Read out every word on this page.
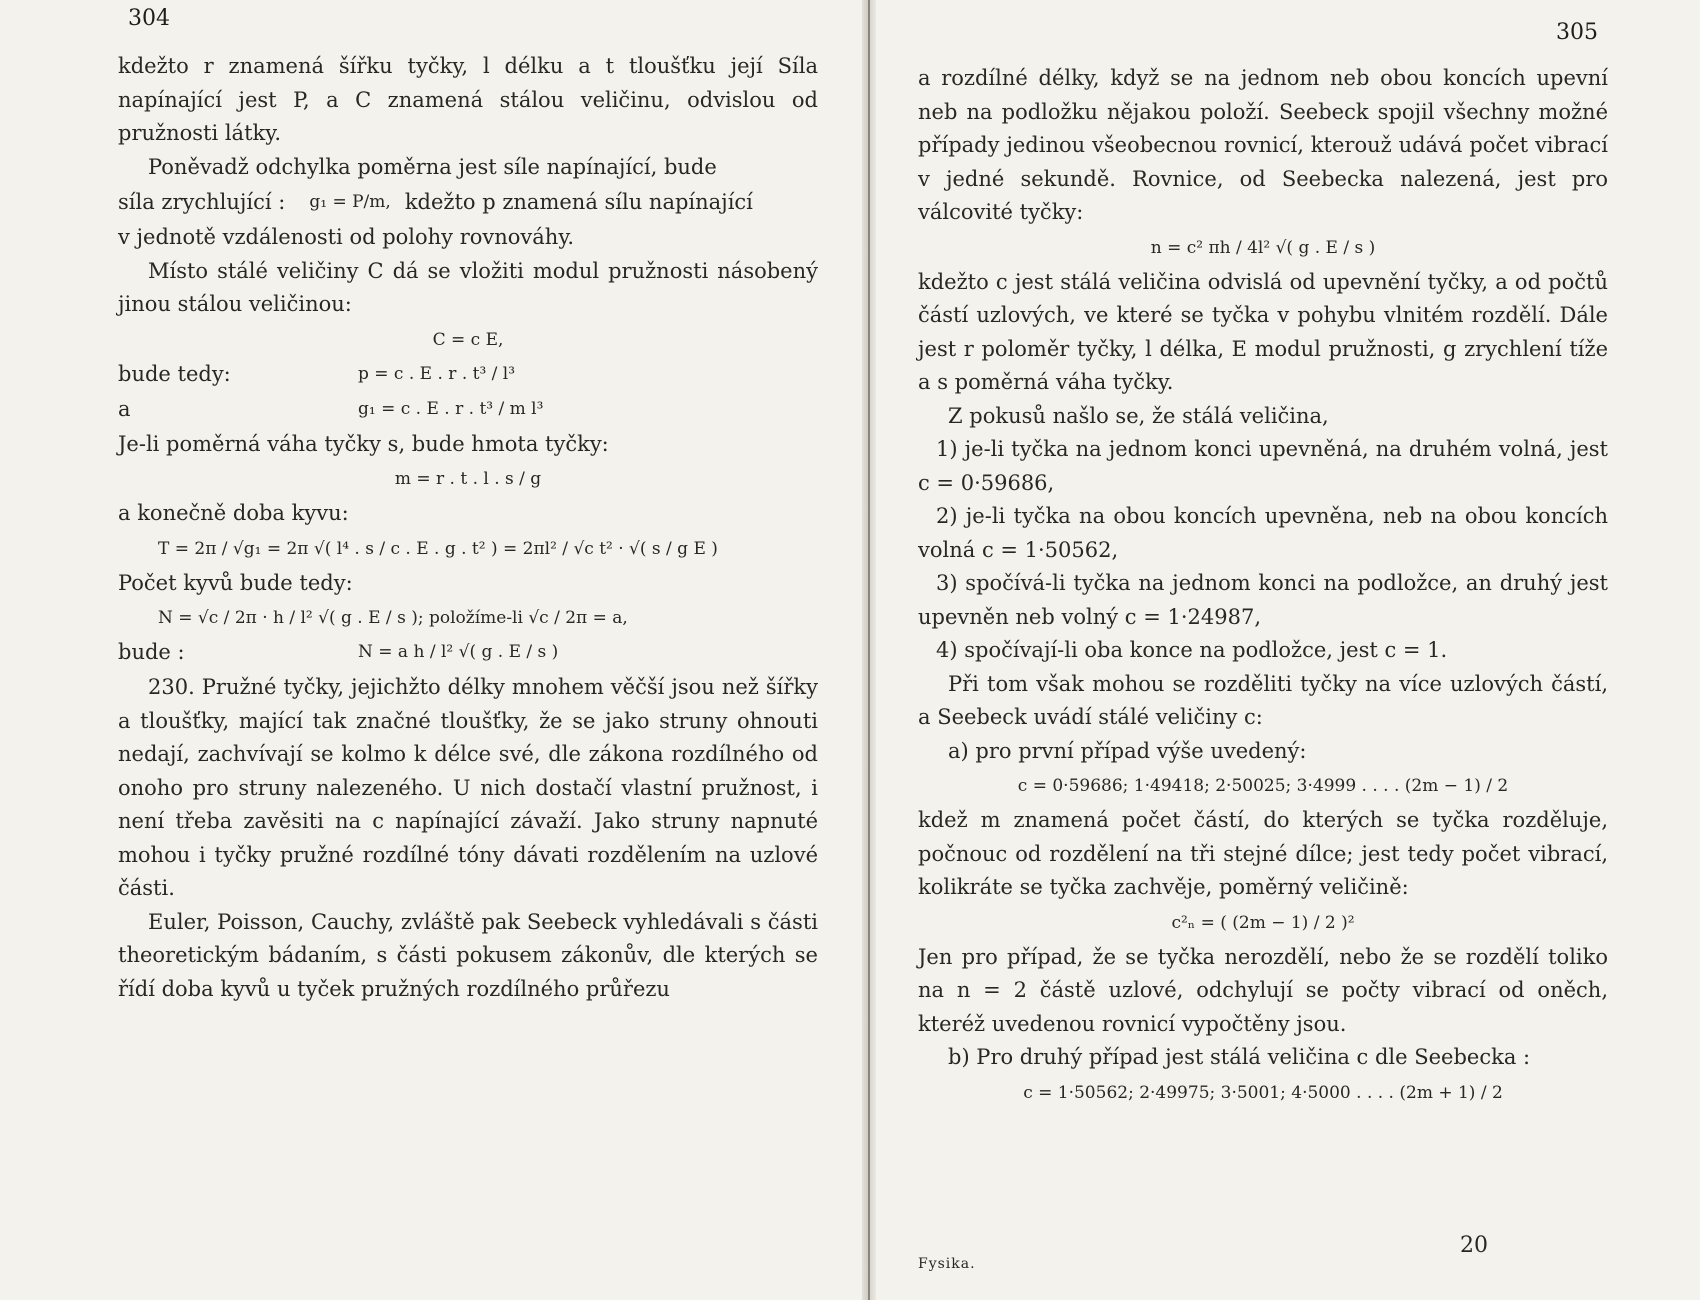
304

kdežto r znamená šířku tyčky, l délku a t tloušťku její Síla napínající jest P, a C znamená stálou veličinu, odvislou od pružnosti látky.

Poněvadž odchylka poměrna jest síle napínající, bude

síla zrychlující :	g₁ = P/m, kdežto p znamená sílu napínající

v jednotě vzdálenosti od polohy rovnováhy.

Místo stálé veličiny C dá se vložiti modul pružnosti násobený jinou stálou veličinou:

C = c E,
bude tedy:	p = c . E . r . t³ / l³
a	g₁ = c . E . r . t³ / m l³

Je-li poměrná váha tyčky s, bude hmota tyčky:

m = r . t . l . s / g

a konečně doba kyvu:

T = 2π / √g₁ = 2π √( l⁴ . s / c . E . g . t² ) = 2πl² / √c t² · √( s / g E )

Počet kyvů bude tedy:

N = √c / 2π · h / l² √( g . E / s ); položíme-li √c / 2π = a,
bude :	N = a h / l² √( g . E / s )

230. Pružné tyčky, jejichžto délky mnohem věčší jsou než šířky a tloušťky, mající tak značné tloušťky, že se jako struny ohnouti nedají, zachvívají se kolmo k délce své, dle zákona rozdílného od onoho pro struny nalezeného. U nich dostačí vlastní pružnost, i není třeba zavěsiti na c napínající závaží. Jako struny napnuté mohou i tyčky pružné rozdílné tóny dávati rozdělením na uzlové části.

Euler, Poisson, Cauchy, zvláště pak Seebeck vyhledávali s části theoretickým bádaním, s části pokusem zákonův, dle kterých se řídí doba kyvů u tyček pružných rozdílného průřezu

305

a rozdílné délky, když se na jednom neb obou koncích upevní neb na podložku nějakou položí. Seebeck spojil všechny možné případy jedinou všeobecnou rovnicí, kterouž udává počet vibrací v jedné sekundě. Rovnice, od Seebecka nalezená, jest pro válcovité tyčky:

n = c² πh / 4l² √( g . E / s )

kdežto c jest stálá veličina odvislá od upevnění tyčky, a od počtů částí uzlových, ve které se tyčka v pohybu vlnitém rozdělí. Dále jest r poloměr tyčky, l délka, E modul pružnosti, g zrychlení tíže a s poměrná váha tyčky.

Z pokusů našlo se, že stálá veličina,

1) je-li tyčka na jednom konci upevněná, na druhém volná, jest c = 0·59686,

2) je-li tyčka na obou koncích upevněna, neb na obou koncích volná c = 1·50562,

3) spočívá-li tyčka na jednom konci na podložce, an druhý jest upevněn neb volný c = 1·24987,

4) spočívají-li oba konce na podložce, jest c = 1.

Při tom však mohou se rozděliti tyčky na více uzlových částí, a Seebeck uvádí stálé veličiny c:

a) pro první případ výše uvedený:

c = 0·59686; 1·49418; 2·50025; 3·4999 . . . . (2m − 1) / 2

kdež m znamená počet částí, do kterých se tyčka rozděluje, počnouc od rozdělení na tři stejné dílce; jest tedy počet vibrací, kolikráte se tyčka zachvěje, poměrný veličině:

c²ₙ = ( (2m − 1) / 2 )²

Jen pro případ, že se tyčka nerozdělí, nebo že se rozdělí toliko na n = 2 částě uzlové, odchylují se počty vibrací od oněch, kteréž uvedenou rovnicí vypočtěny jsou.

b) Pro druhý případ jest stálá veličina c dle Seebecka :

c = 1·50562; 2·49975; 3·5001; 4·5000 . . . . (2m + 1) / 2
Fysika.
20
